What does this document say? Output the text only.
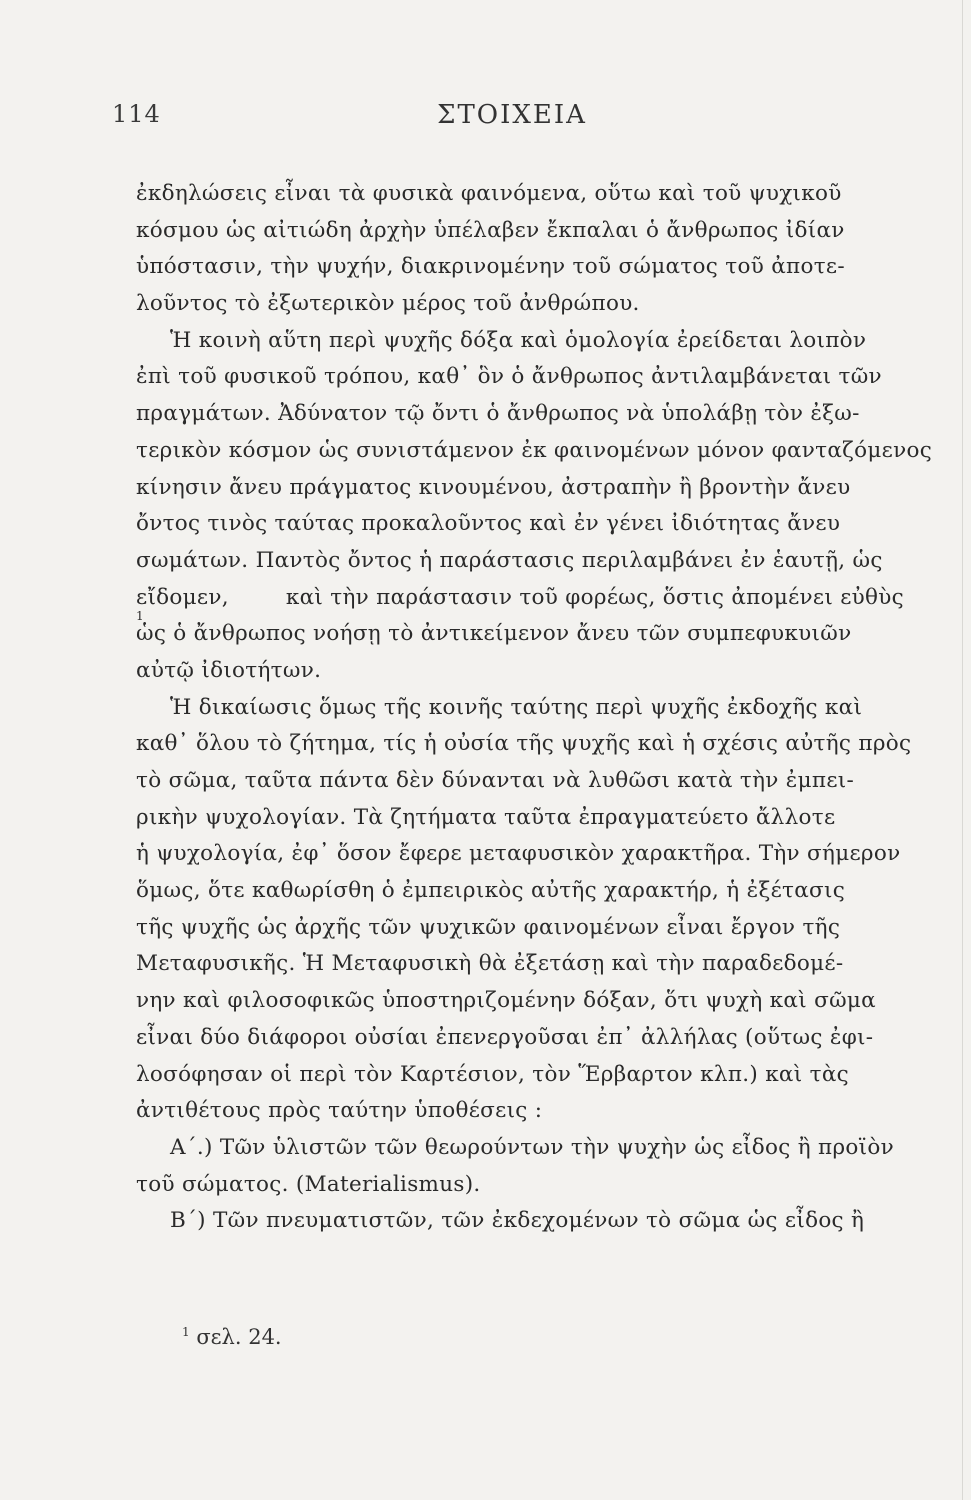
114	ΣΤΟΙΧΕΙΑ
ἐκδηλώσεις εἶναι τὰ φυσικὰ φαινόμενα, οὕτω καὶ τοῦ ψυχικοῦ
κόσμου ὡς αἰτιώδη ἀρχὴν ὑπέλαβεν ἔκπαλαι ὁ ἄνθρωπος ἰδίαν
ὑπόστασιν, τὴν ψυχήν, διακρινομένην τοῦ σώματος τοῦ ἀποτε-
λοῦντος τὸ ἐξωτερικὸν μέρος τοῦ ἀνθρώπου.
Ἡ κοινὴ αὕτη περὶ ψυχῆς δόξα καὶ ὁμολογία ἐρείδεται λοιπὸν
ἐπὶ τοῦ φυσικοῦ τρόπου, καθ᾽ ὃν ὁ ἄνθρωπος ἀντιλαμβάνεται τῶν
πραγμάτων. Ἀδύνατον τῷ ὄντι ὁ ἄνθρωπος νὰ ὑπολάβῃ τὸν ἐξω-
τερικὸν κόσμον ὡς συνιστάμενον ἐκ φαινομένων μόνον φανταζόμενος
κίνησιν ἄνευ πράγματος κινουμένου, ἀστραπὴν ἢ βροντὴν ἄνευ
ὄντος τινὸς ταύτας προκαλοῦντος καὶ ἐν γένει ἰδιότητας ἄνευ
σωμάτων. Παντὸς ὄντος ἡ παράστασις περιλαμβάνει ἐν ἑαυτῇ, ὡς
εἴδομεν,
1
καὶ τὴν παράστασιν τοῦ φορέως, ὅστις ἀπομένει εὐθὺς
ὡς ὁ ἄνθρωπος νοήσῃ τὸ ἀντικείμενον ἄνευ τῶν συμπεφυκυιῶν
αὐτῷ ἰδιοτήτων.
Ἡ δικαίωσις ὅμως τῆς κοινῆς ταύτης περὶ ψυχῆς ἐκδοχῆς καὶ
καθ᾽ ὅλου τὸ ζήτημα, τίς ἡ οὐσία τῆς ψυχῆς καὶ ἡ σχέσις αὐτῆς πρὸς
τὸ σῶμα, ταῦτα πάντα δὲν δύνανται νὰ λυθῶσι κατὰ τὴν ἐμπει-
ρικὴν ψυχολογίαν. Τὰ ζητήματα ταῦτα ἐπραγματεύετο ἄλλοτε
ἡ ψυχολογία, ἐφ᾽ ὅσον ἔφερε μεταφυσικὸν χαρακτῆρα. Τὴν σήμερον
ὅμως, ὅτε καθωρίσθη ὁ ἐμπειρικὸς αὐτῆς χαρακτήρ, ἡ ἐξέτασις
τῆς ψυχῆς ὡς ἀρχῆς τῶν ψυχικῶν φαινομένων εἶναι ἔργον τῆς
Μεταφυσικῆς. Ἡ Μεταφυσικὴ θὰ ἐξετάσῃ καὶ τὴν παραδεδομέ-
νην καὶ φιλοσοφικῶς ὑποστηριζομένην δόξαν, ὅτι ψυχὴ καὶ σῶμα
εἶναι δύο διάφοροι οὐσίαι ἐπενεργοῦσαι ἐπ᾽ ἀλλήλας (οὕτως ἐφι-
λοσόφησαν οἱ περὶ τὸν Καρτέσιον, τὸν Ἕρβαρτον κλπ.) καὶ τὰς
ἀντιθέτους πρὸς ταύτην ὑποθέσεις :
Α΄.) Τῶν ὑλιστῶν τῶν θεωρούντων τὴν ψυχὴν ὡς εἶδος ἢ προϊὸν
τοῦ σώματος. (Materialismus).
Β΄) Τῶν πνευματιστῶν, τῶν ἐκδεχομένων τὸ σῶμα ὡς εἶδος ἢ
$^1$ σελ. 24.
